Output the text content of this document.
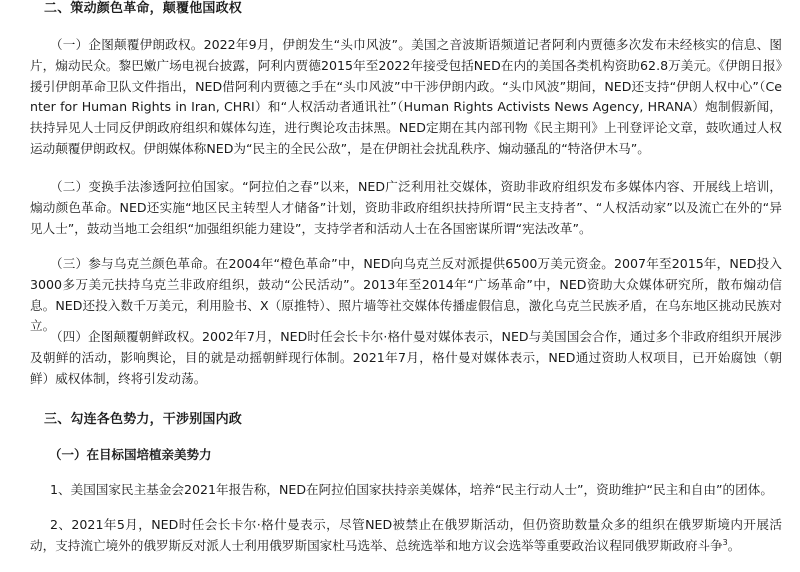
二、策动颜色革命，颠覆他国政权

（一）企图颠覆伊朗政权。2022年9月，伊朗发生“头巾风波”。美国之音波斯语频道记者阿利内贾德多次发布未经核实的信息、图片，煽动民众。黎巴嫩广场电视台披露，阿利内贾德2015年至2022年接受包括NED在内的美国各类机构资助62.8万美元。《伊朗日报》援引伊朗革命卫队文件指出，NED借阿利内贾德之手在“头巾风波”中干涉伊朗内政。“头巾风波”期间，NED还支持“伊朗人权中心”（Center for Human Rights in Iran, CHRI）和“人权活动者通讯社”（Human Rights Activists News Agency, HRANA）炮制假新闻，扶持异见人士同反伊朗政府组织和媒体勾连，进行舆论攻击抹黑。NED定期在其内部刊物《民主期刊》上刊登评论文章，鼓吹通过人权运动颠覆伊朗政权。伊朗媒体称NED为“民主的全民公敌”，是在伊朗社会扰乱秩序、煽动骚乱的“特洛伊木马”。

（二）变换手法渗透阿拉伯国家。“阿拉伯之春”以来，NED广泛利用社交媒体，资助非政府组织发布多媒体内容、开展线上培训，煽动颜色革命。NED还实施“地区民主转型人才储备”计划，资助非政府组织扶持所谓“民主支持者”、“人权活动家”以及流亡在外的“异见人士”，鼓动当地工会组织“加强组织能力建设”，支持学者和活动人士在各国密谋所谓“宪法改革”。

（三）参与乌克兰颜色革命。在2004年“橙色革命”中，NED向乌克兰反对派提供6500万美元资金。2007年至2015年，NED投入3000多万美元扶持乌克兰非政府组织，鼓动“公民活动”。2013年至2014年“广场革命”中，NED资助大众媒体研究所，散布煽动信息。NED还投入数千万美元，利用脸书、X（原推特）、照片墙等社交媒体传播虚假信息，激化乌克兰民族矛盾，在乌东地区挑动民族对立。

（四）企图颠覆朝鲜政权。2002年7月，NED时任会长卡尔·格什曼对媒体表示，NED与美国国会合作，通过多个非政府组织开展涉及朝鲜的活动，影响舆论，目的就是动摇朝鲜现行体制。2021年7月，格什曼对媒体表示，NED通过资助人权项目，已开始腐蚀（朝鲜）威权体制，终将引发动荡。

三、勾连各色势力，干涉别国内政
（一）在目标国培植亲美势力

1、美国国家民主基金会2021年报告称，NED在阿拉伯国家扶持亲美媒体，培养“民主行动人士”，资助维护“民主和自由”的团体。

2、2021年5月，NED时任会长卡尔·格什曼表示，尽管NED被禁止在俄罗斯活动，但仍资助数量众多的组织在俄罗斯境内开展活动，支持流亡境外的俄罗斯反对派人士利用俄罗斯国家杜马选举、总统选举和地方议会选举等重要政治议程同俄罗斯政府斗争$^3$。
